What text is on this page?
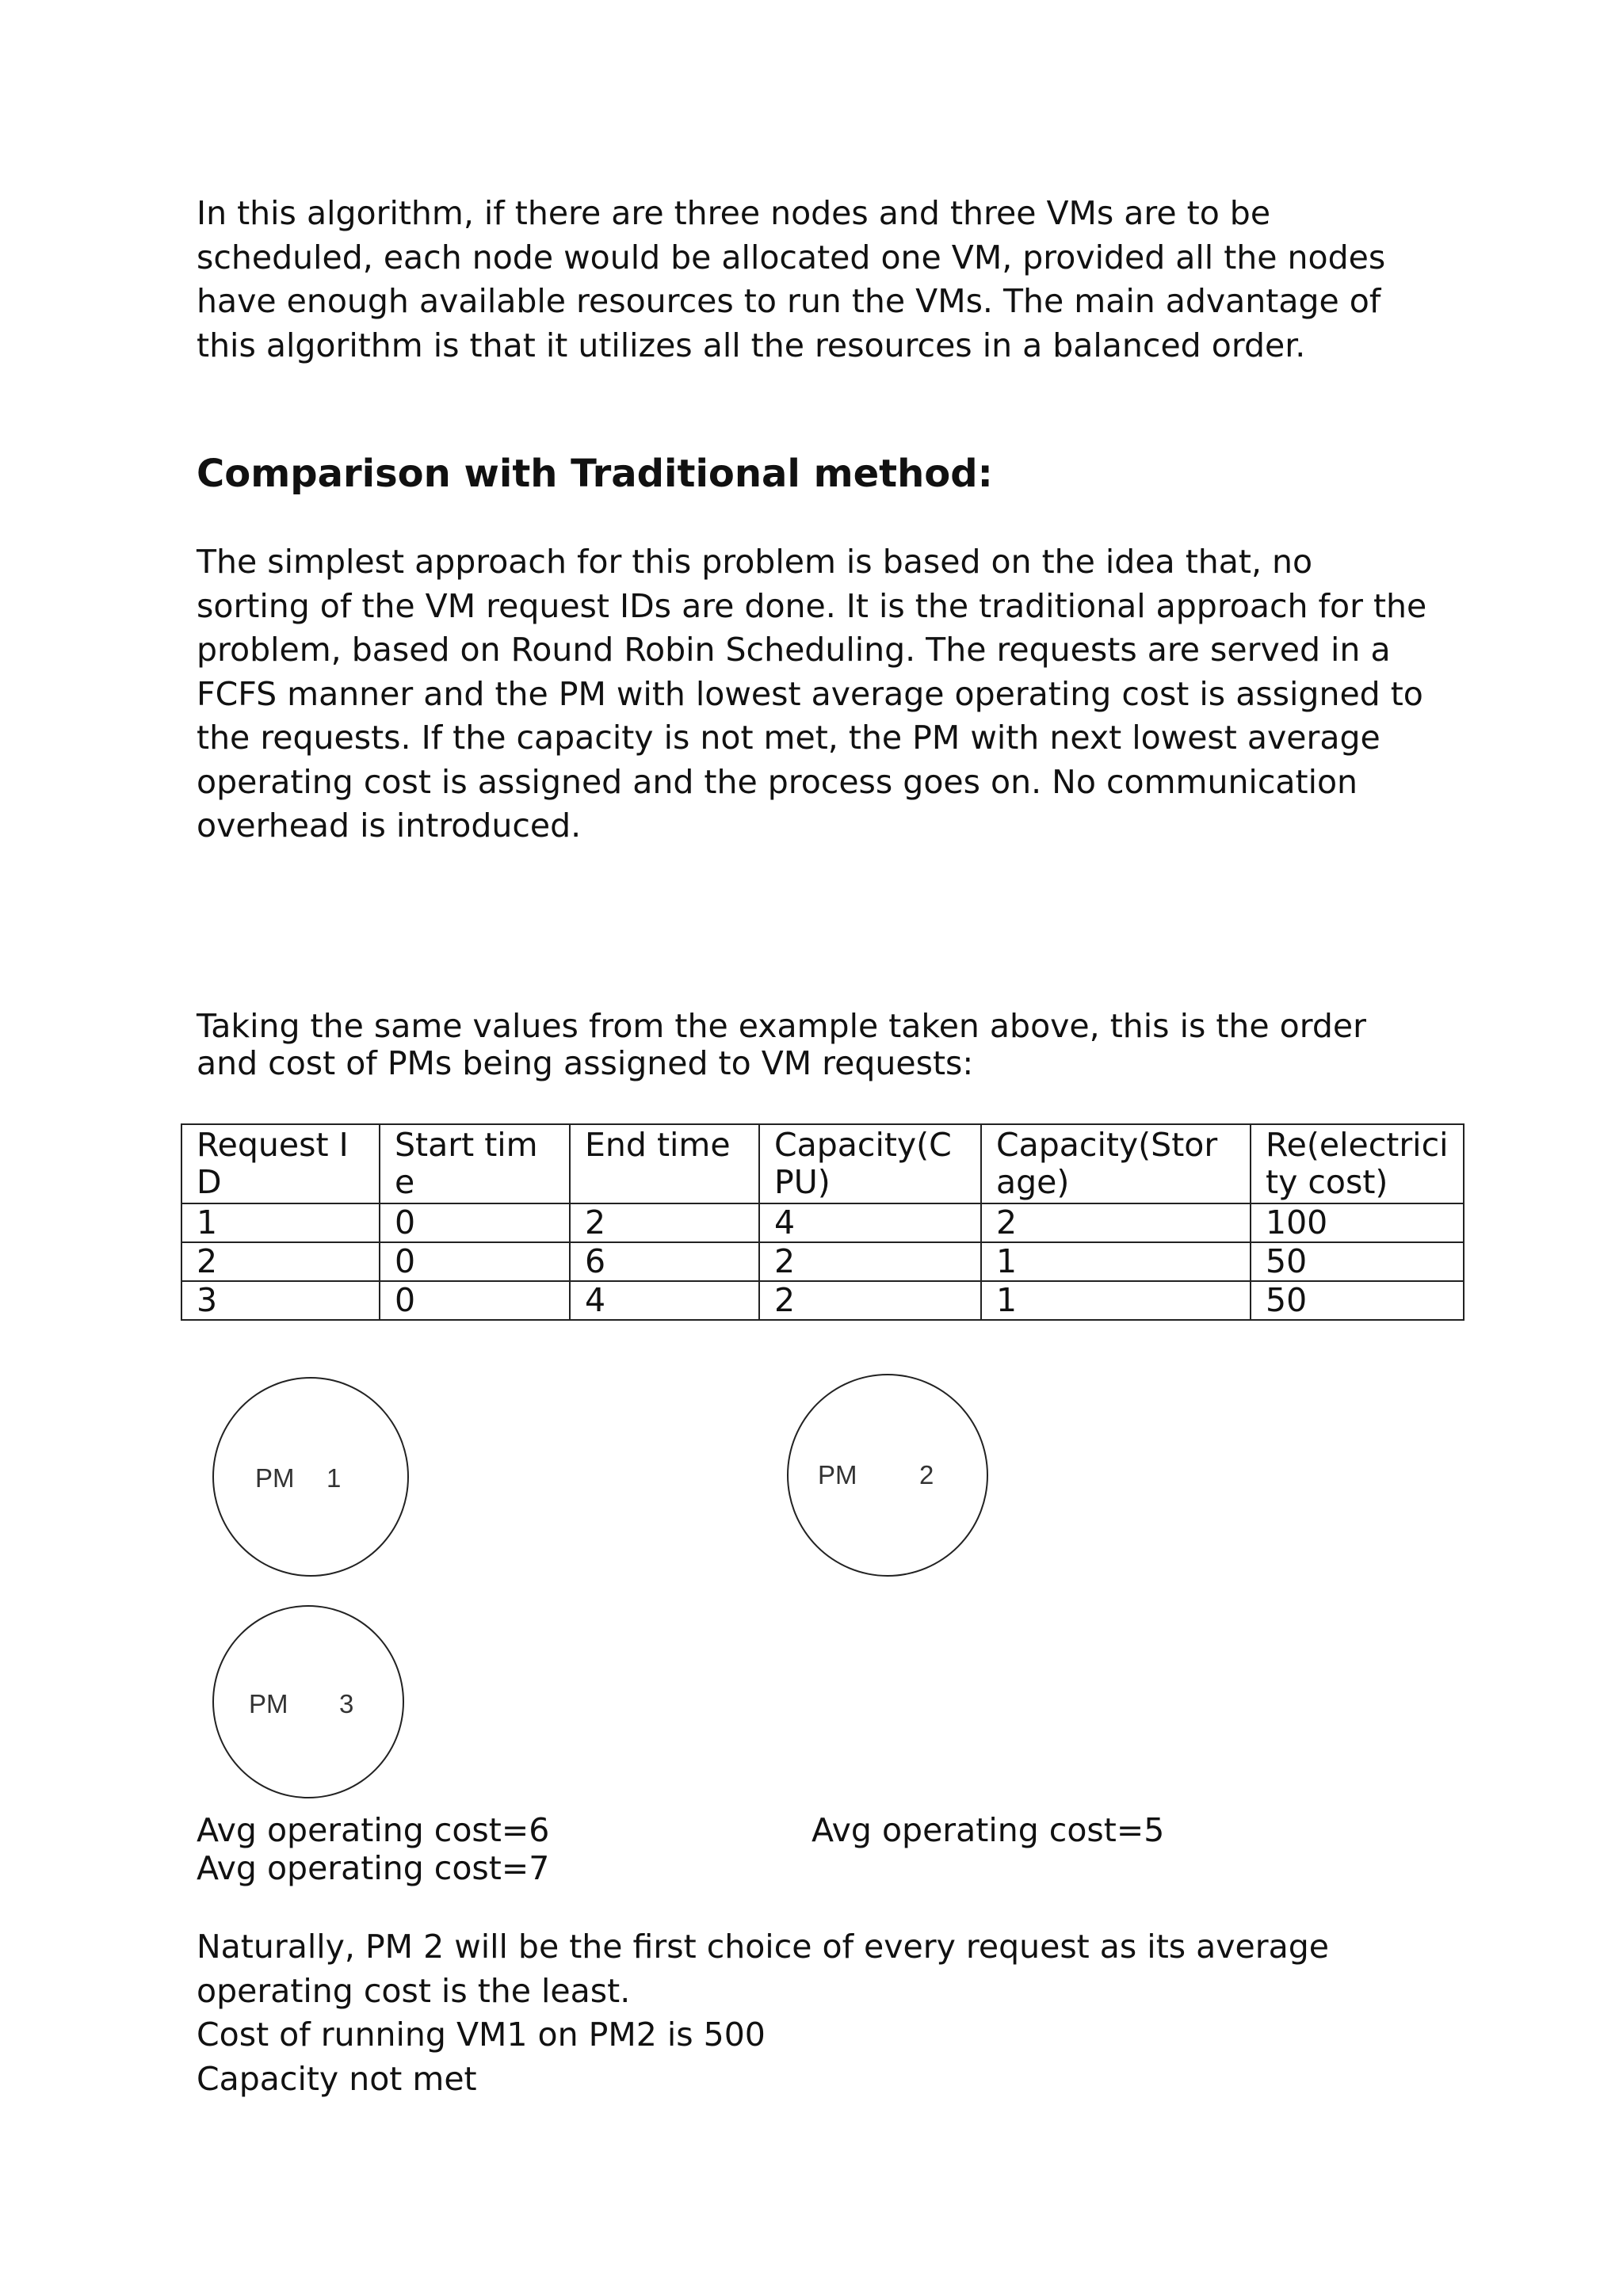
In this algorithm, if there are three nodes and three VMs are to be scheduled, each node would be allocated one VM, provided all the nodes have enough available resources to run the VMs. The main advantage of this algorithm is that it utilizes all the resources in a balanced order.

Comparison with Traditional method:

The simplest approach for this problem is based on the idea that, no sorting of the VM request IDs are done. It is the traditional approach for the problem, based on Round Robin Scheduling. The requests are served in a FCFS manner and the PM with lowest average operating cost is assigned to the requests. If the capacity is not met, the PM with next lowest average operating cost is assigned and the process goes on. No communication overhead is introduced.

Taking the same values from the example taken above, this is the order and cost of PMs being assigned to VM requests:

Request ID	Start time	End time	Capacity(CPU)	Capacity(Storage)	Re(electricity cost)
1	0	2	4	2	100
2	0	6	2	1	50
3	0	4	2	1	50
PM 1	PM 2
PM 3

Avg operating cost=6	Avg operating cost=5

Avg operating cost=7

Naturally, PM 2 will be the first choice of every request as its average operating cost is the least.
Cost of running VM1 on PM2 is 500
Capacity not met
